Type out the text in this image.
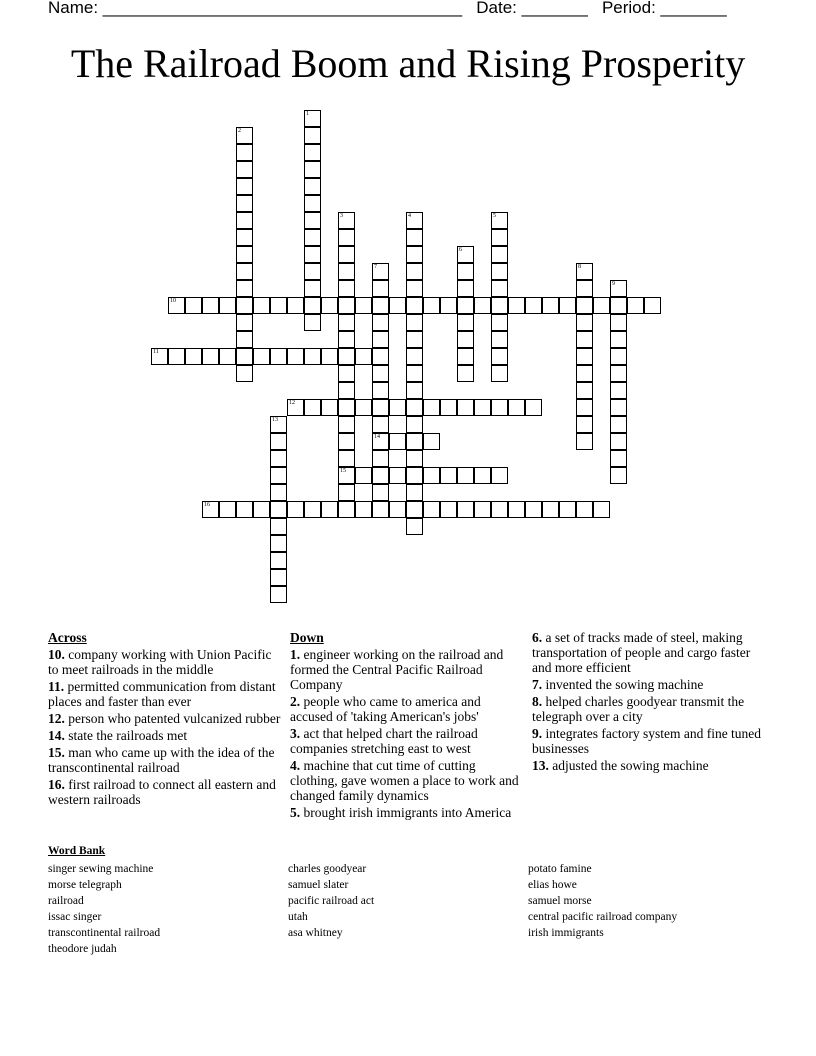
Name: ______________________________________   Date: _______   Period: _______
The Railroad Boom and Rising Prosperity
1
2
3
15
4	5
6
7
14
8
9
10
11
12
13
16
Across
10. company working with Union Pacific to meet railroads in the middle
11. permitted communication from distant places and faster than ever
12. person who patented vulcanized rubber
14. state the railroads met
15. man who came up with the idea of the transcontinental railroad
16. first railroad to connect all eastern and western railroads
Down
1. engineer working on the railroad and formed the Central Pacific Railroad Company
2. people who came to america and accused of 'taking American's jobs'
3. act that helped chart the railroad companies stretching east to west
4. machine that cut time of cutting clothing, gave women a place to work and changed family dynamics
5. brought irish immigrants into America
6. a set of tracks made of steel, making transportation of people and cargo faster and more efficient
7. invented the sowing machine
8. helped charles goodyear transmit the telegraph over a city
9. integrates factory system and fine tuned businesses
13. adjusted the sowing machine
Word Bank
singer sewing machine
morse telegraph
railroad
issac singer
transcontinental railroad
theodore judah
charles goodyear
samuel slater
pacific railroad act
utah
asa whitney
potato famine
elias howe
samuel morse
central pacific railroad company
irish immigrants
